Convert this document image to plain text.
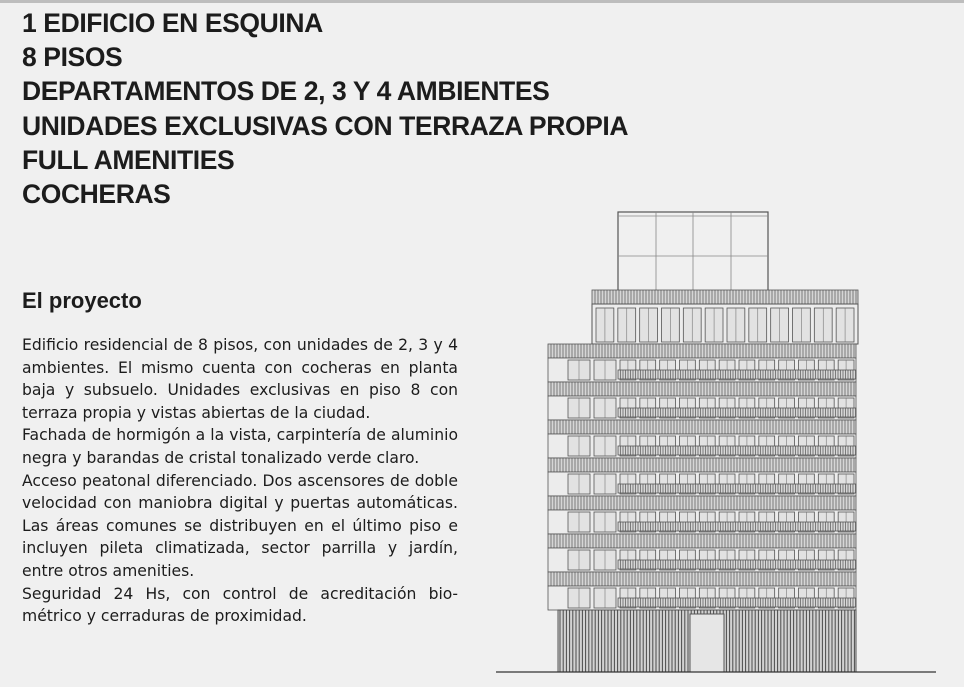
1 EDIFICIO EN ESQUINA
8 PISOS
DEPARTAMENTOS DE 2, 3 Y 4 AMBIENTES
UNIDADES EXCLUSIVAS CON TERRAZA PROPIA
FULL AMENITIES
COCHERAS
El proyecto

Edificio residencial de 8 pisos, con unidades de 2, 3 y 4 ambientes. El mismo cuenta con cocheras en planta baja y subsuelo. Unidades exclusivas en piso 8 con terraza propia y vistas abiertas de la ciudad.

Fachada de hormigón a la vista, carpintería de aluminio negra y barandas de cristal tonalizado verde claro.

Acceso peatonal diferenciado. Dos ascensores de doble velocidad con maniobra digital y puertas automáticas. Las áreas comunes se distribuyen en el último piso e incluyen pileta climatizada, sector parrilla y jardín, entre otros amenities.

Seguridad 24 Hs, con control de acreditación biométrico y cerraduras de proximidad.
